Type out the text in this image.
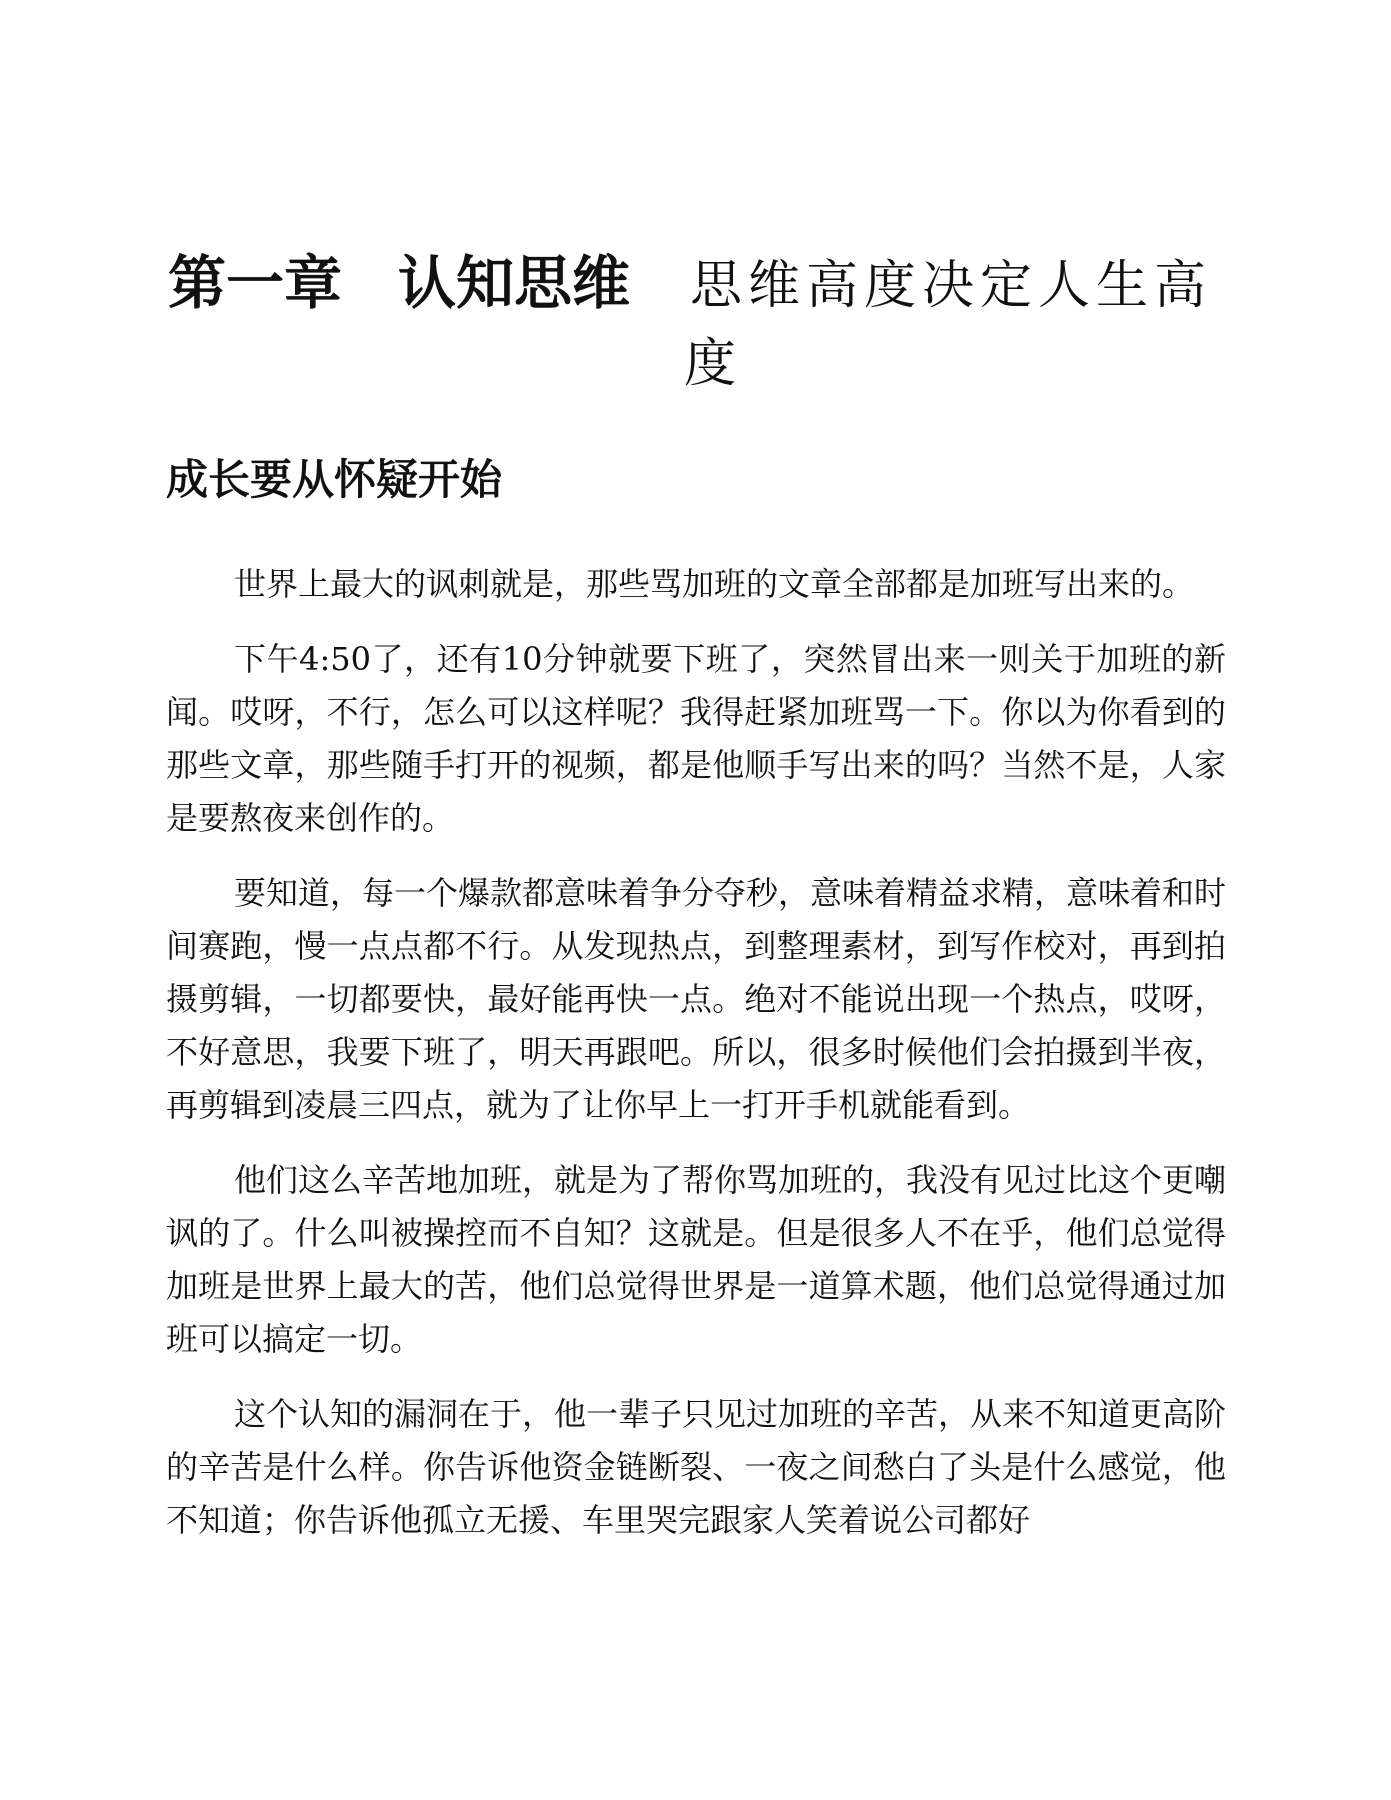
第一章 认知思维 思维高度决定人生高
度
成长要从怀疑开始

世界上最大的讽刺就是，那些骂加班的文章全部都是加班写出来的。

下午4:50了，还有10分钟就要下班了，突然冒出来一则关于加班的新闻。哎呀，不行，怎么可以这样呢？我得赶紧加班骂一下。你以为你看到的那些文章，那些随手打开的视频，都是他顺手写出来的吗？当然不是，人家是要熬夜来创作的。

要知道，每一个爆款都意味着争分夺秒，意味着精益求精，意味着和时间赛跑，慢一点点都不行。从发现热点，到整理素材，到写作校对，再到拍摄剪辑，一切都要快，最好能再快一点。绝对不能说出现一个热点，哎呀，不好意思，我要下班了，明天再跟吧。所以，很多时候他们会拍摄到半夜，再剪辑到凌晨三四点，就为了让你早上一打开手机就能看到。

他们这么辛苦地加班，就是为了帮你骂加班的，我没有见过比这个更嘲讽的了。什么叫被操控而不自知？这就是。但是很多人不在乎，他们总觉得加班是世界上最大的苦，他们总觉得世界是一道算术题，他们总觉得通过加班可以搞定一切。

这个认知的漏洞在于，他一辈子只见过加班的辛苦，从来不知道更高阶的辛苦是什么样。你告诉他资金链断裂、一夜之间愁白了头是什么感觉，他不知道；你告诉他孤立无援、车里哭完跟家人笑着说公司都好
